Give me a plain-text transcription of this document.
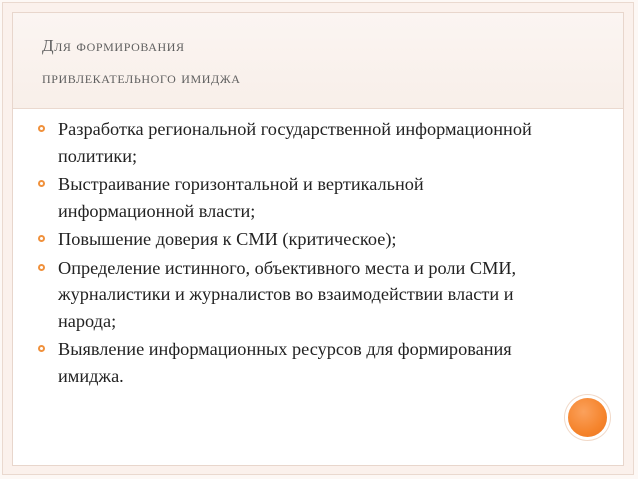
Для формирования
привлекательного имиджа
Разработка региональной государственной информационной политики;
Выстраивание горизонтальной и вертикальной информационной власти;
Повышение доверия к СМИ (критическое);
Определение истинного, объективного места и роли СМИ, журналистики и журналистов во взаимодействии власти и народа;
Выявление информационных ресурсов для формирования имиджа.
